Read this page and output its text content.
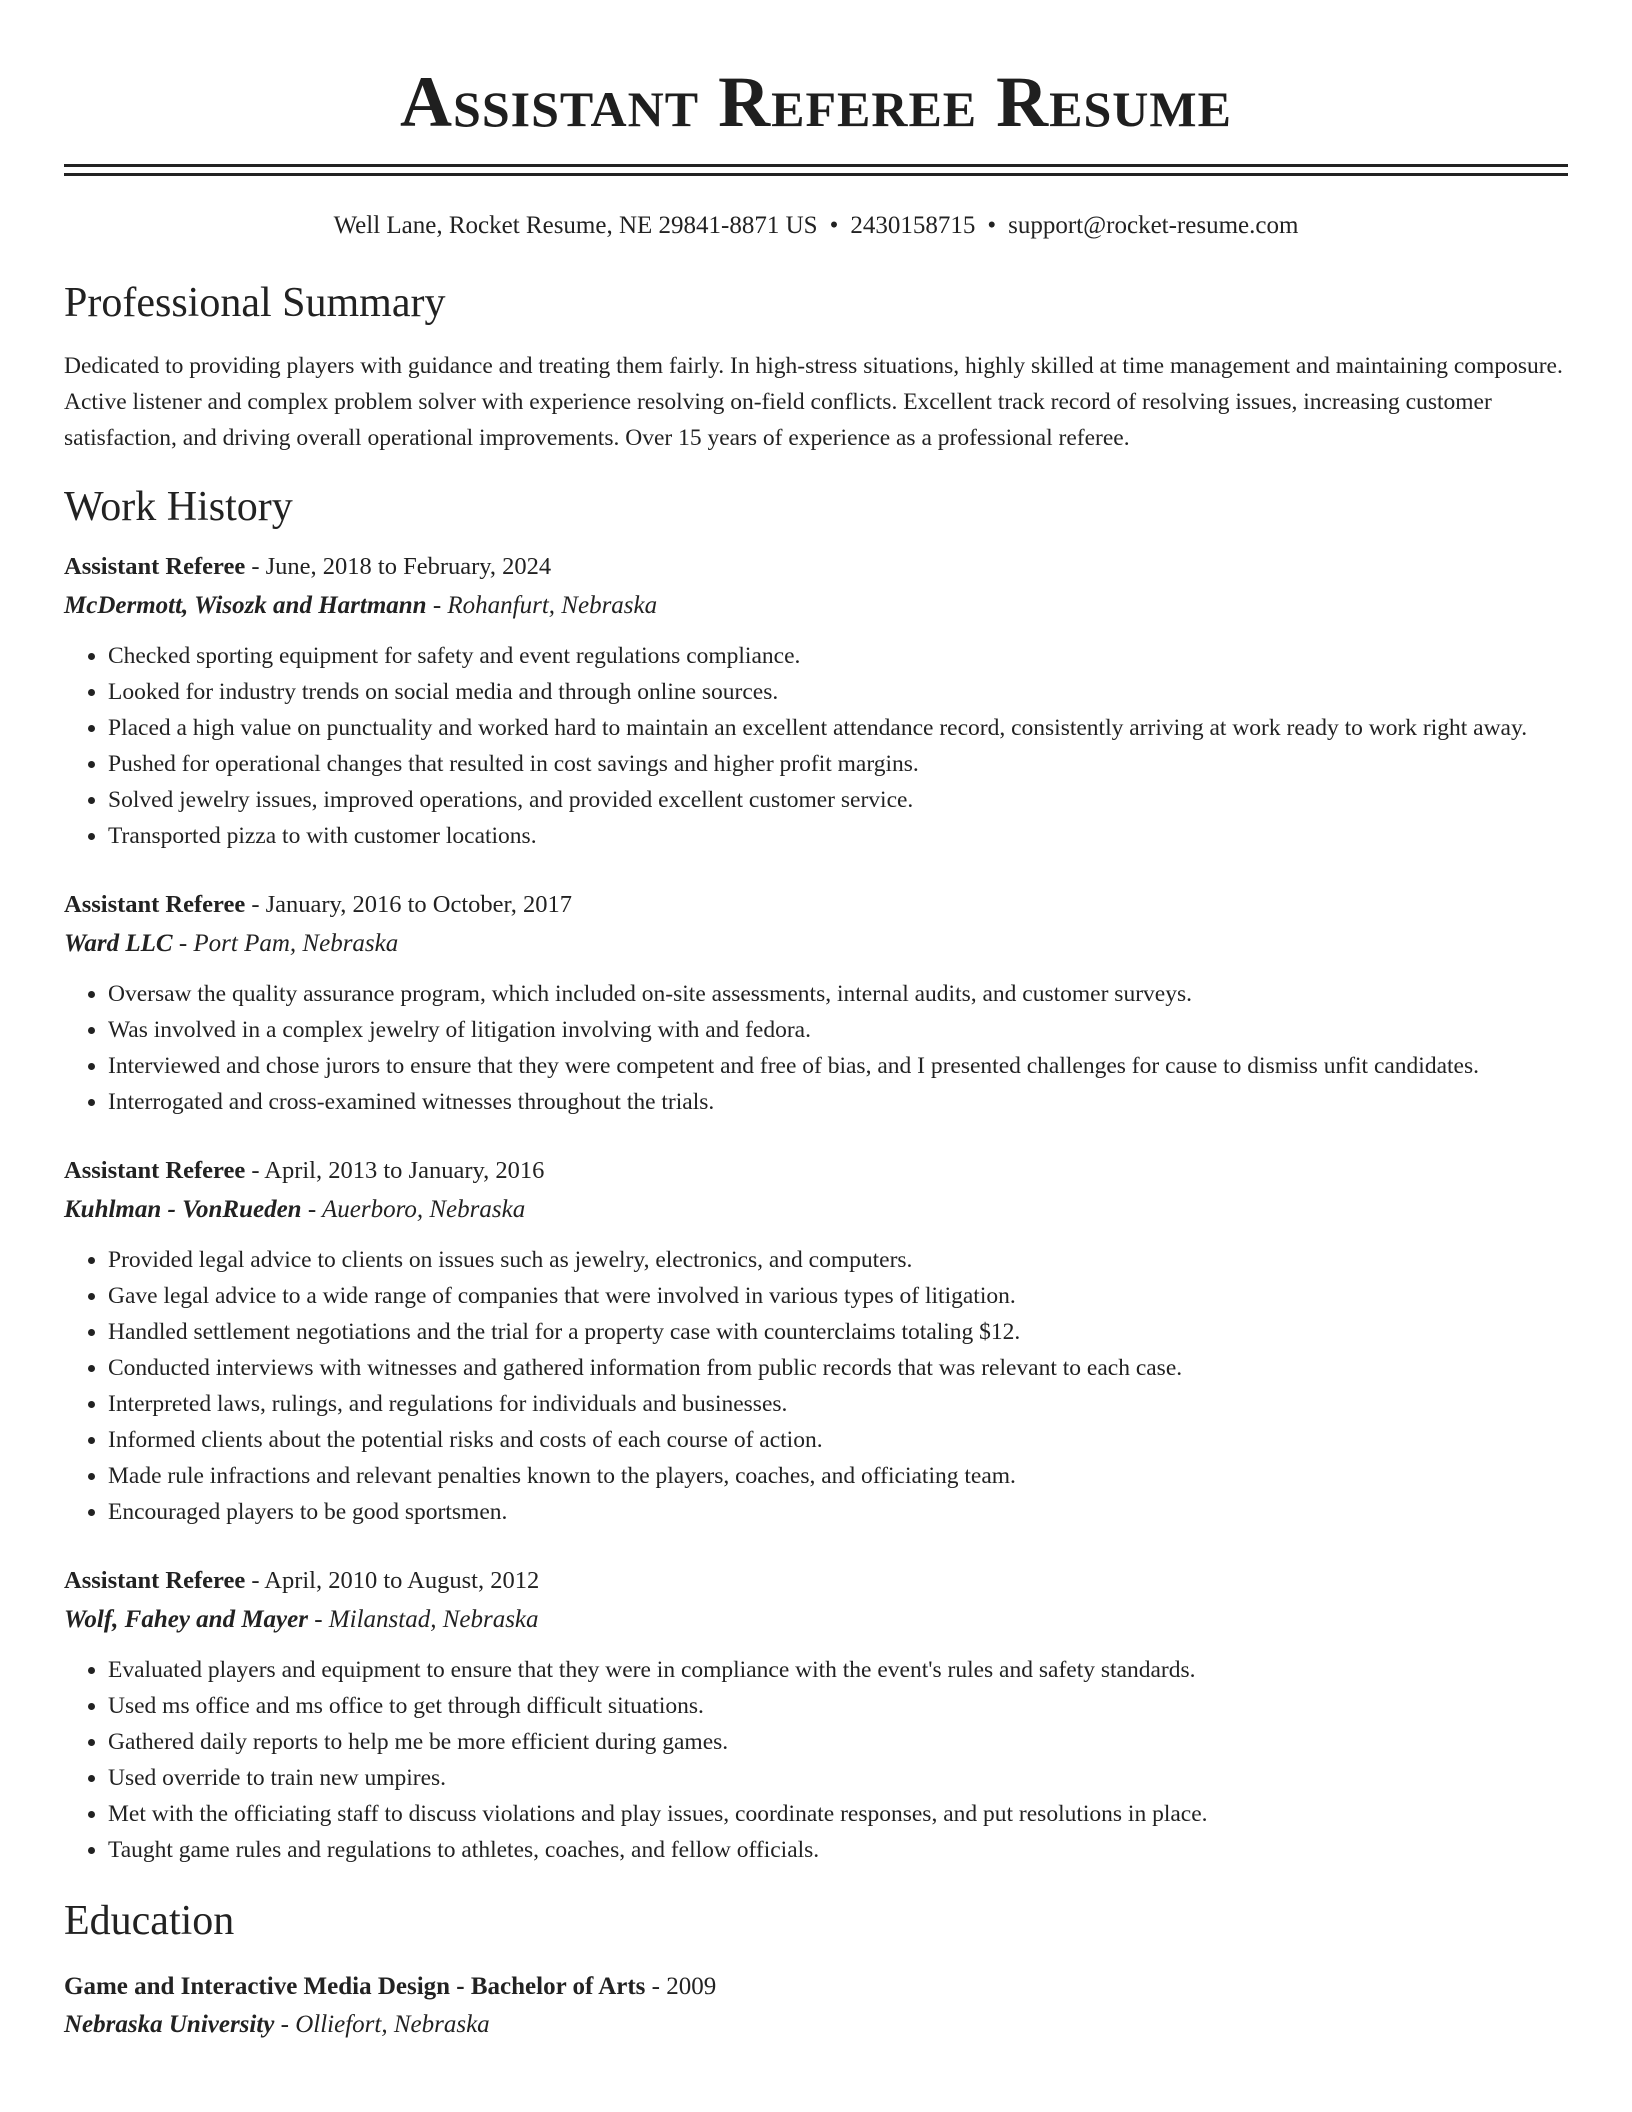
Assistant Referee Resume
Well Lane, Rocket Resume, NE 29841-8871 US • 2430158715 • support@rocket-resume.com
Professional Summary
Dedicated to providing players with guidance and treating them fairly. In high-stress situations, highly skilled at time management and maintaining composure. Active listener and complex problem solver with experience resolving on-field conflicts. Excellent track record of resolving issues, increasing customer satisfaction, and driving overall operational improvements. Over 15 years of experience as a professional referee.
Work History
Assistant Referee - June, 2018 to February, 2024
McDermott, Wisozk and Hartmann - Rohanfurt, Nebraska
• Checked sporting equipment for safety and event regulations compliance.
• Looked for industry trends on social media and through online sources.
• Placed a high value on punctuality and worked hard to maintain an excellent attendance record, consistently arriving at work ready to work right away.
• Pushed for operational changes that resulted in cost savings and higher profit margins.
• Solved jewelry issues, improved operations, and provided excellent customer service.
• Transported pizza to with customer locations.
Assistant Referee - January, 2016 to October, 2017
Ward LLC - Port Pam, Nebraska
• Oversaw the quality assurance program, which included on-site assessments, internal audits, and customer surveys.
• Was involved in a complex jewelry of litigation involving with and fedora.
• Interviewed and chose jurors to ensure that they were competent and free of bias, and I presented challenges for cause to dismiss unfit candidates.
• Interrogated and cross-examined witnesses throughout the trials.
Assistant Referee - April, 2013 to January, 2016
Kuhlman - VonRueden - Auerboro, Nebraska
• Provided legal advice to clients on issues such as jewelry, electronics, and computers.
• Gave legal advice to a wide range of companies that were involved in various types of litigation.
• Handled settlement negotiations and the trial for a property case with counterclaims totaling $12.
• Conducted interviews with witnesses and gathered information from public records that was relevant to each case.
• Interpreted laws, rulings, and regulations for individuals and businesses.
• Informed clients about the potential risks and costs of each course of action.
• Made rule infractions and relevant penalties known to the players, coaches, and officiating team.
• Encouraged players to be good sportsmen.
Assistant Referee - April, 2010 to August, 2012
Wolf, Fahey and Mayer - Milanstad, Nebraska
• Evaluated players and equipment to ensure that they were in compliance with the event's rules and safety standards.
• Used ms office and ms office to get through difficult situations.
• Gathered daily reports to help me be more efficient during games.
• Used override to train new umpires.
• Met with the officiating staff to discuss violations and play issues, coordinate responses, and put resolutions in place.
• Taught game rules and regulations to athletes, coaches, and fellow officials.
Education
Game and Interactive Media Design - Bachelor of Arts - 2009
Nebraska University - Olliefort, Nebraska
